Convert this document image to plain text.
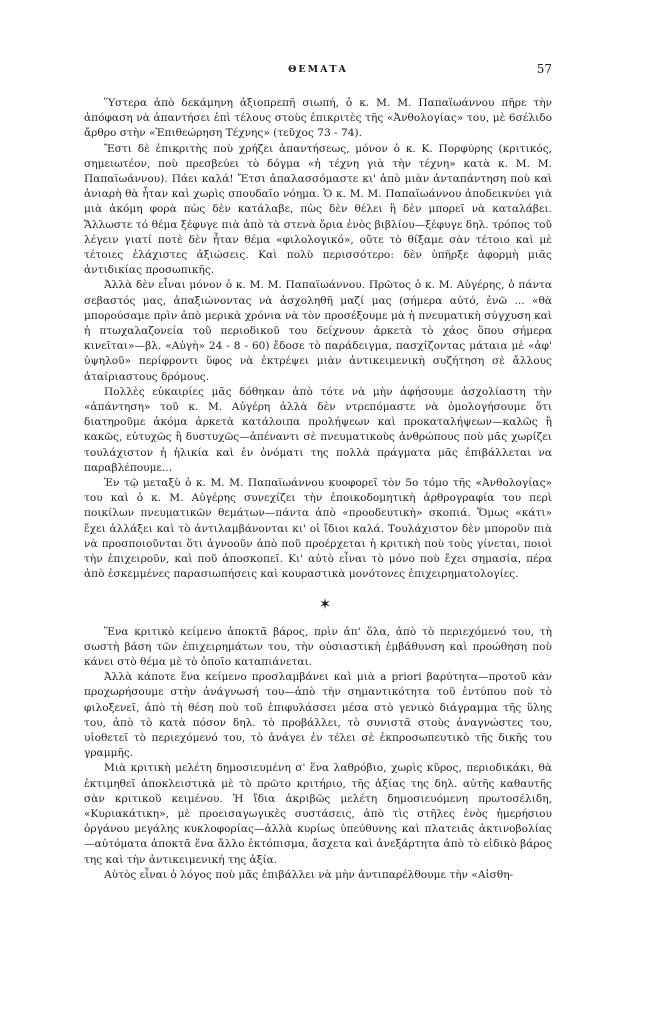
ΘΕΜΑΤΑ	57

Ὕστερα ἀπὸ δεκάμηνη ἀξιοπρεπῆ σιωπή, ὁ κ. Μ. Μ. Παπαϊωάννου πῆρε τὴν ἀπόφαση νὰ ἀπαντήσει ἐπὶ τέλους στοὺς ἐπικριτὲς τῆς «Ἀνθολογίας» του, μὲ 6σέλιδο ἄρθρο στὴν «Ἐπιθεώρηση Τέχνης» (τεῦχος 73 - 74).

Ἔστι δὲ ἐπικριτὴς ποὺ χρήζει ἀπαντήσεως, μόνον ὁ κ. Κ. Πορφύρης (κριτικός, σημειωτέον, ποὺ πρεσβεύει τὸ δόγμα «ἡ τέχνη γιὰ τὴν τέχνη» κατὰ κ. Μ. Μ. Παπαϊωάννου). Πάει καλά! Ἔτσι ἀπαλασσόμαστε κι' ἀπὸ μιὰν ἀνταπάντηση ποὺ καὶ ἀνιαρὴ θὰ ἦταν καὶ χωρὶς σπουδαῖο νόημα. Ὁ κ. Μ. Μ. Παπαϊωάννου ἀποδεικνύει γιὰ μιὰ ἀκόμη φορὰ πὼς δὲν κατάλαβε, πὼς δὲν θέλει ἢ δὲν μπορεῖ νὰ καταλάβει. Ἄλλωστε τό θέμα ξέφυγε πιὰ ἀπὸ τὰ στενὰ ὅρια ἑνὸς βιβλίου—ξέφυγε δηλ. τρόπος τοῦ λέγειν γιατί ποτὲ δὲν ἦταν θέμα «φιλολογικό», οὔτε τὸ θίξαμε σὰν τέτοιο καὶ μὲ τέτοιες ἐλάχιστες ἀξιώσεις. Καὶ πολὺ περισσότερο: δὲν ὑπῆρξε ἀφορμὴ μιᾶς ἀντιδικίας προσωπικῆς.

Ἀλλὰ δὲν εἶναι μόνον ὁ κ. Μ. Μ. Παπαϊωάννου. Πρῶτος ὁ κ. Μ. Αὐγέρης, ὁ πάντα σεβαστός μας, ἀπαξιώνοντας νὰ ἀσχοληθῆ μαζί μας (σήμερα αὐτό, ἐνῶ ... «θὰ μπορούσαμε πρὶν ἀπὸ μερικὰ χρόνια νὰ τὸν προσέξουμε μὰ ἡ πνευματικὴ σύγχυση καὶ ἡ πτωχαλαζονεία τοῦ περιοδικοῦ του δείχνουν ἀρκετὰ τὸ χάος ὅπου σήμερα κινεῖται»—βλ. «Αὐγὴ» 24 - 8 - 60) ἔδοσε τὸ παράδειγμα, πασχίζοντας μάταια μὲ «ἀφ' ὑψηλοῦ» περίφροντι ὕφος νὰ ἐκτρέψει μιὰν ἀντικειμενικὴ συζήτηση σὲ ἄλλους ἀταίριαστους δρόμους.

Πολλὲς εὐκαιρίες μᾶς δόθηκαν ἀπὸ τότε νὰ μὴν ἀφήσουμε ἀσχολίαστη τὴν «ἀπάντηση» τοῦ κ. Μ. Αὐγέρη ἀλλὰ δὲν ντρεπόμαστε νὰ ὁμολογήσουμε ὅτι διατηροῦμε ἀκόμα ἀρκετὰ κατάλοιπα προλήψεων καὶ προκαταλήψεων—καλῶς ἢ κακῶς, εὐτυχῶς ἢ δυστυχῶς—ἀπέναντι σὲ πνευματικοὺς ἀνθρώπους ποὺ μᾶς χωρίζει τουλάχιστον ἡ ἡλικία καὶ ἐν ὀνόματι της πολλὰ πράγματα μᾶς ἐπιβάλλεται να παραβλέπουμε...

Ἐν τῷ μεταξὺ ὁ κ. Μ. Μ. Παπαϊωάννου κυοφορεῖ τὸν 5ο τόμο τῆς «Ἀνθολογίας» του καὶ ὁ κ. Μ. Αὐγέρης συνεχίζει τὴν ἐποικοδομητικὴ ἀρθρογραφία του περὶ ποικίλων πνευματικῶν θεμάτων—πάντα ἀπὸ «προοδευτικὴ» σκοπιά. Ὅμως «κάτι» ἔχει ἀλλάξει καὶ τὸ ἀντιλαμβάνονται κι' οἱ ἴδιοι καλά. Τουλάχιστον δὲν μποροῦν πιὰ νὰ προσποιοῦνται ὅτι ἀγνοοῦν ἀπὸ ποῦ προέρχεται ἡ κριτικὴ ποὺ τοὺς γίνεται, ποιοὶ τὴν ἐπιχειροῦν, καὶ ποῦ ἀποσκοπεῖ. Κι' αὐτὸ εἶναι τὸ μόνο ποὺ ἔχει σημασία, πέρα ἀπὸ ἐσκεμμένες παρασιωπήσεις καὶ κουραστικὰ μονότονες ἐπιχειρηματολογίες.

✶

Ἕνα κριτικὸ κείμενο ἀποκτᾶ βάρος, πρὶν ἀπ' ὅλα, ἀπὸ τὸ περιεχόμενό του, τὴ σωστὴ βάση τῶν ἐπιχειρημάτων του, τὴν οὐσιαστικὴ ἐμβάθυνση καὶ προώθηση ποὺ κάνει στὸ θέμα μὲ τὸ ὁποῖο καταπιάνεται.

Ἀλλὰ κάποτε ἕνα κείμενο προσλαμβάνει καὶ μιὰ a priori βαρύτητα—προτοῦ κὰν προχωρήσουμε στὴν ἀνάγνωσή του—ἀπὸ τὴν σημαντικότητα τοῦ ἐντύπου ποὺ τὸ φιλοξενεῖ, ἀπὸ τὴ θέση ποὺ τοῦ ἐπιφυλάσσει μέσα στὸ γενικὸ διάγραμμα τῆς ὕλης του, ἀπὸ τὸ κατὰ πόσον δηλ. τὸ προβάλλει, τὸ συνιστᾶ στοὺς ἀναγνώστες του, υἱοθετεῖ τὸ περιεχόμενό του, τὸ ἀνάγει ἐν τέλει σὲ ἐκπροσωπευτικὸ τῆς δικῆς του γραμμῆς.

Μιὰ κριτικὴ μελέτη δημοσιευμένη σ' ἕνα λαθρόβιο, χωρὶς κῦρος, περιοδικάκι, θὰ ἐκτιμηθεῖ ἀποκλειστικὰ μὲ τὸ πρῶτο κριτήριο, τῆς ἀξίας της δηλ. αὐτῆς καθαυτῆς σὰν κριτικοῦ κειμένου. Ἡ ἴδια ἀκριβῶς μελέτη δημοσιευόμενη πρωτοσέλιδη, «Κυριακάτικη», μὲ προεισαγωγικὲς συστάσεις, ἀπὸ τὶς στῆλες ἑνὸς ἡμερήσιου ὀργάνου μεγάλης κυκλοφορίας—ἀλλὰ κυρίως ὑπεύθυνης καὶ πλατειᾶς ἀκτινοβολίας—αὐτόματα ἀποκτᾶ ἕνα ἄλλο ἐκτόπισμα, ἄσχετα καὶ ἀνεξάρτητα ἀπὸ τὸ εἰδικὸ βάρος της καὶ τὴν ἀντικειμενική της ἀξία.

Αὐτὸς εἶναι ὁ λόγος ποὺ μᾶς ἐπιβάλλει νὰ μὴν ἀντιπαρέλθουμε τὴν «Αἰσθη-
